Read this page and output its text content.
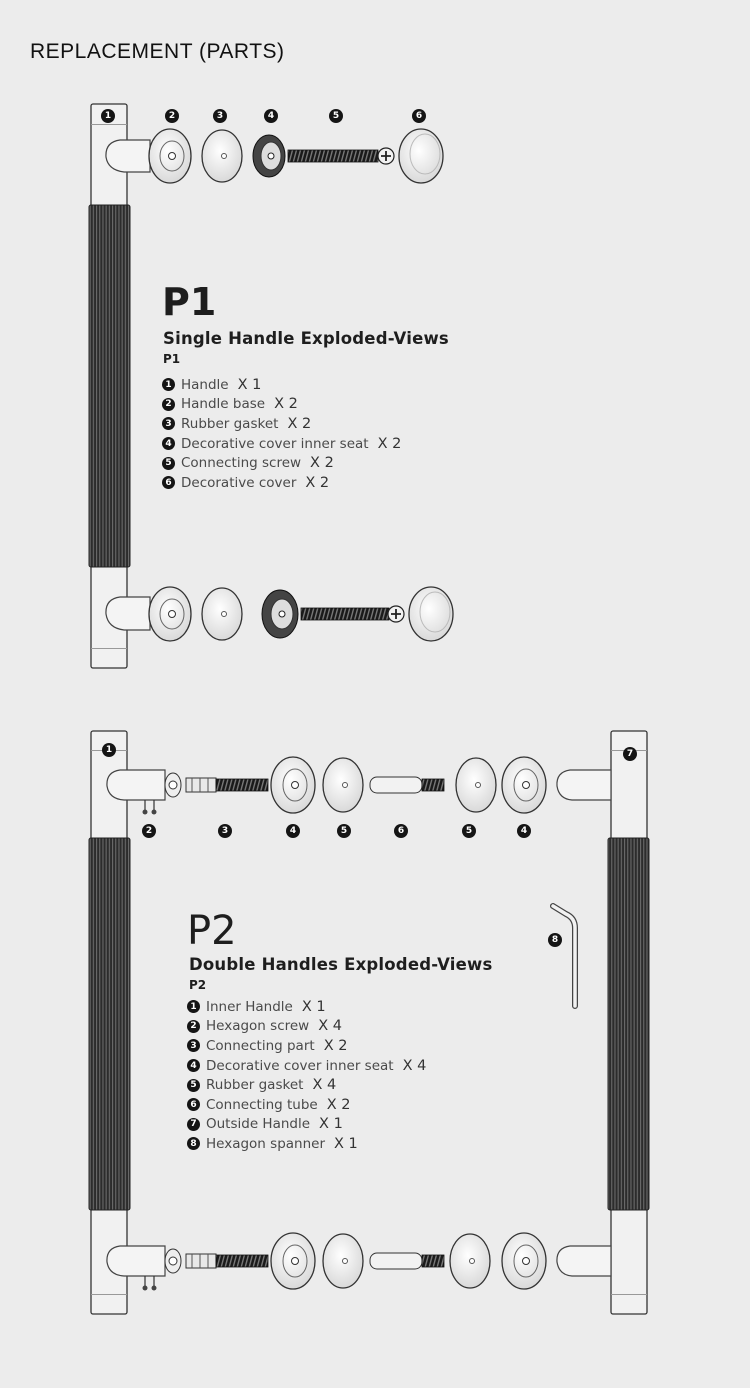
REPLACEMENT (PARTS)
1	2	3	4	5	6
P1
Single Handle Exploded-Views
P1
1 Handle X 1
2 Handle base X 2
3 Rubber gasket X 2
4 Decorative cover inner seat X 2
5 Connecting screw X 2
6 Decorative cover X 2
1	7
2	3	4	5	6	5	4
8
P2
Double Handles Exploded-Views
P2
1 Inner Handle X 1
2 Hexagon screw X 4
3 Connecting part X 2
4 Decorative cover inner seat X 4
5 Rubber gasket X 4
6 Connecting tube X 2
7 Outside Handle X 1
8 Hexagon spanner X 1
